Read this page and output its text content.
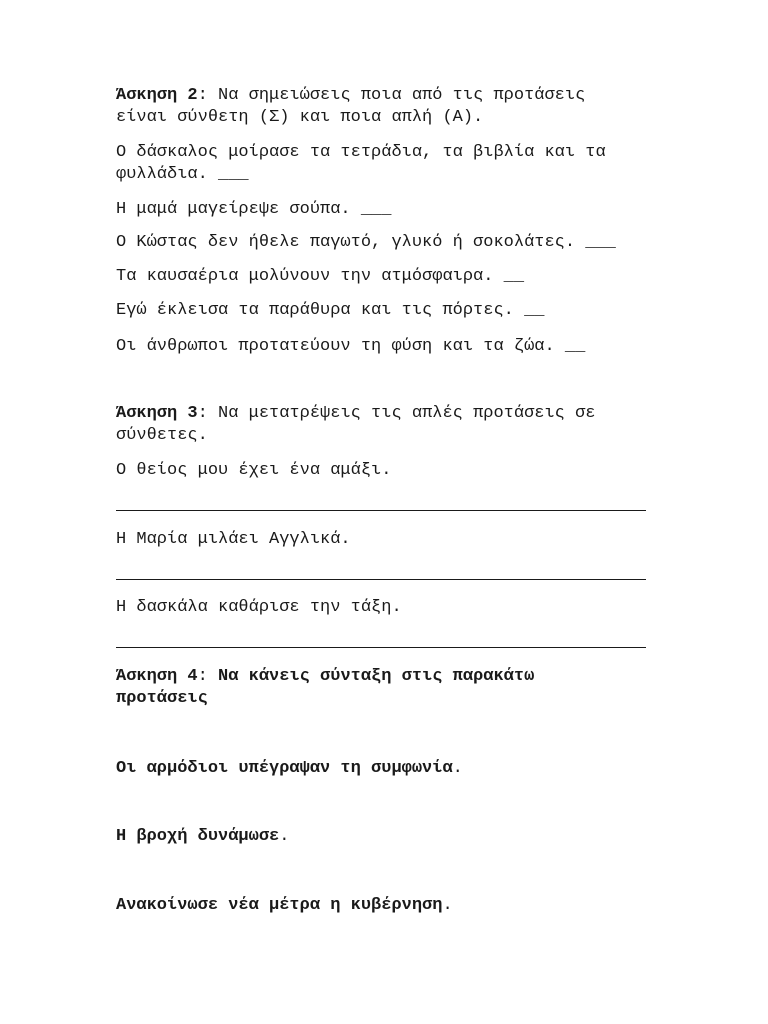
Άσκηση 2: Να σημειώσεις ποια από τις προτάσεις
είναι σύνθετη (Σ) και ποια απλή (Α).
Ο δάσκαλος μοίρασε τα τετράδια, τα βιβλία και τα
φυλλάδια. ___
Η μαμά μαγείρεψε σούπα. ___
Ο Κώστας δεν ήθελε παγωτό, γλυκό ή σοκολάτες. ___
Τα καυσαέρια μολύνουν την ατμόσφαιρα. __
Εγώ έκλεισα τα παράθυρα και τις πόρτες. __
Οι άνθρωποι προτατεύουν τη φύση και τα ζώα. __
Άσκηση 3: Να μετατρέψεις τις απλές προτάσεις σε
σύνθετες.
Ο θείος μου έχει ένα αμάξι.
Η Μαρία μιλάει Αγγλικά.
Η δασκάλα καθάρισε την τάξη.
Άσκηση 4: Να κάνεις σύνταξη στις παρακάτω
προτάσεις
Οι αρμόδιοι υπέγραψαν τη συμφωνία.
Η βροχή δυνάμωσε.
Ανακοίνωσε νέα μέτρα η κυβέρνηση.
